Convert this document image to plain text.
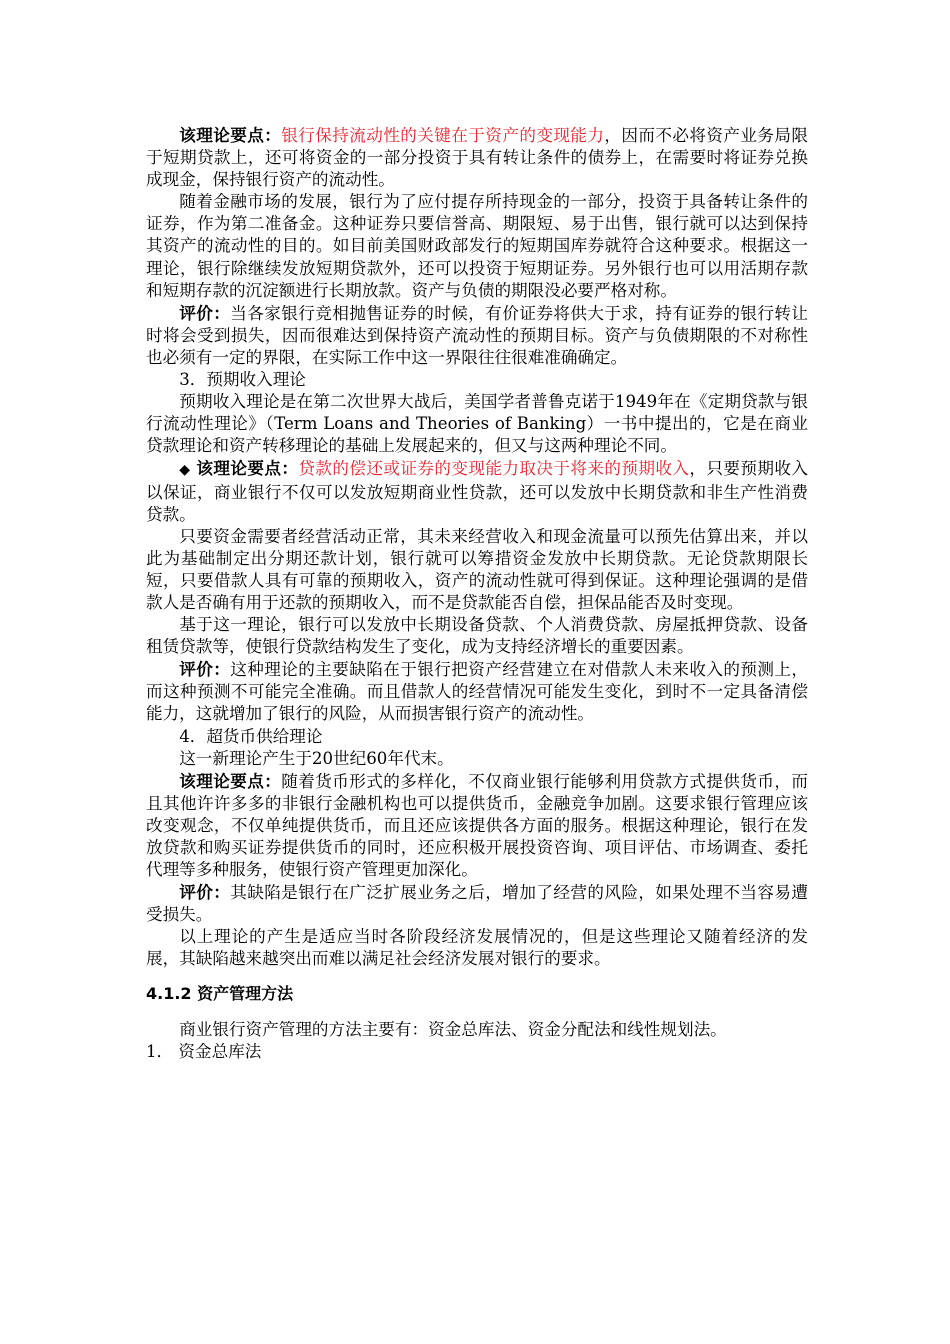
该理论要点：银行保持流动性的关键在于资产的变现能力，因而不必将资产业务局限于短期贷款上，还可将资金的一部分投资于具有转让条件的债券上，在需要时将证券兑换成现金，保持银行资产的流动性。

随着金融市场的发展，银行为了应付提存所持现金的一部分，投资于具备转让条件的证券，作为第二准备金。这种证券只要信誉高、期限短、易于出售，银行就可以达到保持其资产的流动性的目的。如目前美国财政部发行的短期国库券就符合这种要求。根据这一理论，银行除继续发放短期贷款外，还可以投资于短期证券。另外银行也可以用活期存款和短期存款的沉淀额进行长期放款。资产与负债的期限没必要严格对称。

评价：当各家银行竞相抛售证券的时候，有价证券将供大于求，持有证券的银行转让时将会受到损失，因而很难达到保持资产流动性的预期目标。资产与负债期限的不对称性也必须有一定的界限，在实际工作中这一界限往往很难准确确定。

3．预期收入理论

预期收入理论是在第二次世界大战后，美国学者普鲁克诺于1949年在《定期贷款与银行流动性理论》（Term Loans and Theories of Banking）一书中提出的，它是在商业贷款理论和资产转移理论的基础上发展起来的，但又与这两种理论不同。

◆ 该理论要点：贷款的偿还或证券的变现能力取决于将来的预期收入，只要预期收入以保证，商业银行不仅可以发放短期商业性贷款，还可以发放中长期贷款和非生产性消费贷款。

只要资金需要者经营活动正常，其未来经营收入和现金流量可以预先估算出来，并以此为基础制定出分期还款计划，银行就可以筹措资金发放中长期贷款。无论贷款期限长短，只要借款人具有可靠的预期收入，资产的流动性就可得到保证。这种理论强调的是借款人是否确有用于还款的预期收入，而不是贷款能否自偿，担保品能否及时变现。

基于这一理论，银行可以发放中长期设备贷款、个人消费贷款、房屋抵押贷款、设备租赁贷款等，使银行贷款结构发生了变化，成为支持经济增长的重要因素。

评价：这种理论的主要缺陷在于银行把资产经营建立在对借款人未来收入的预测上，而这种预测不可能完全准确。而且借款人的经营情况可能发生变化，到时不一定具备清偿能力，这就增加了银行的风险，从而损害银行资产的流动性。

4．超货币供给理论

这一新理论产生于20世纪60年代末。

该理论要点：随着货币形式的多样化，不仅商业银行能够利用贷款方式提供货币，而且其他许许多多的非银行金融机构也可以提供货币，金融竞争加剧。这要求银行管理应该改变观念，不仅单纯提供货币，而且还应该提供各方面的服务。根据这种理论，银行在发放贷款和购买证券提供货币的同时，还应积极开展投资咨询、项目评估、市场调查、委托代理等多种服务，使银行资产管理更加深化。

评价：其缺陷是银行在广泛扩展业务之后，增加了经营的风险，如果处理不当容易遭受损失。

以上理论的产生是适应当时各阶段经济发展情况的，但是这些理论又随着经济的发展，其缺陷越来越突出而难以满足社会经济发展对银行的要求。

4.1.2 资产管理方法

商业银行资产管理的方法主要有：资金总库法、资金分配法和线性规划法。

1． 资金总库法
